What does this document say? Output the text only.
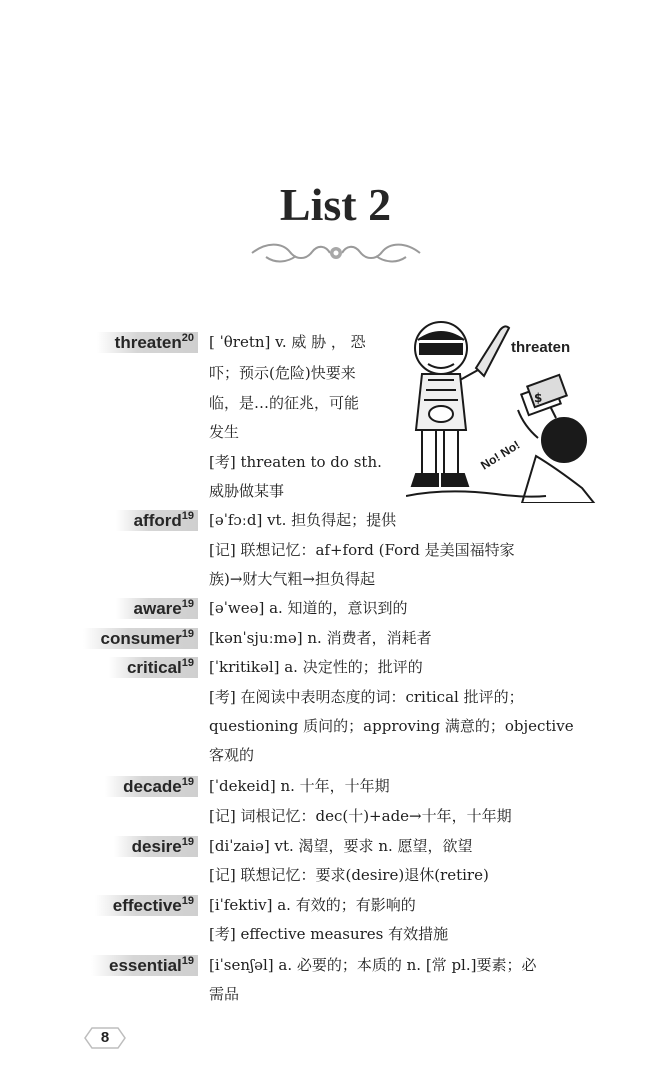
List 2
$
No! No!
threaten
threaten$^{20}$ [ ˈθretn] v. 威 胁 ， 恐
吓；预示(危险)快要来
临，是…的征兆，可能
发生
[考] threaten to do sth.
威胁做某事
afford$^{19}$ [əˈfɔːd] vt. 担负得起；提供
[记] 联想记忆：af+ford (Ford 是美国福特家
族)→财大气粗→担负得起
aware$^{19}$ [əˈweə] a. 知道的，意识到的
consumer$^{19}$ [kənˈsjuːmə] n. 消费者，消耗者
critical$^{19}$ [ˈkritikəl] a. 决定性的；批评的
[考] 在阅读中表明态度的词：critical 批评的；
questioning 质问的；approving 满意的；objective
客观的
decade$^{19}$ [ˈdekeid] n. 十年，十年期
[记] 词根记忆：dec(十)+ade→十年，十年期
desire$^{19}$ [diˈzaiə] vt. 渴望，要求 n. 愿望，欲望
[记] 联想记忆：要求(desire)退休(retire)
effective$^{19}$ [iˈfektiv] a. 有效的；有影响的
[考] effective measures 有效措施
essential$^{19}$ [iˈsenʃəl] a. 必要的；本质的 n. [常 pl.]要素；必
需品
8
